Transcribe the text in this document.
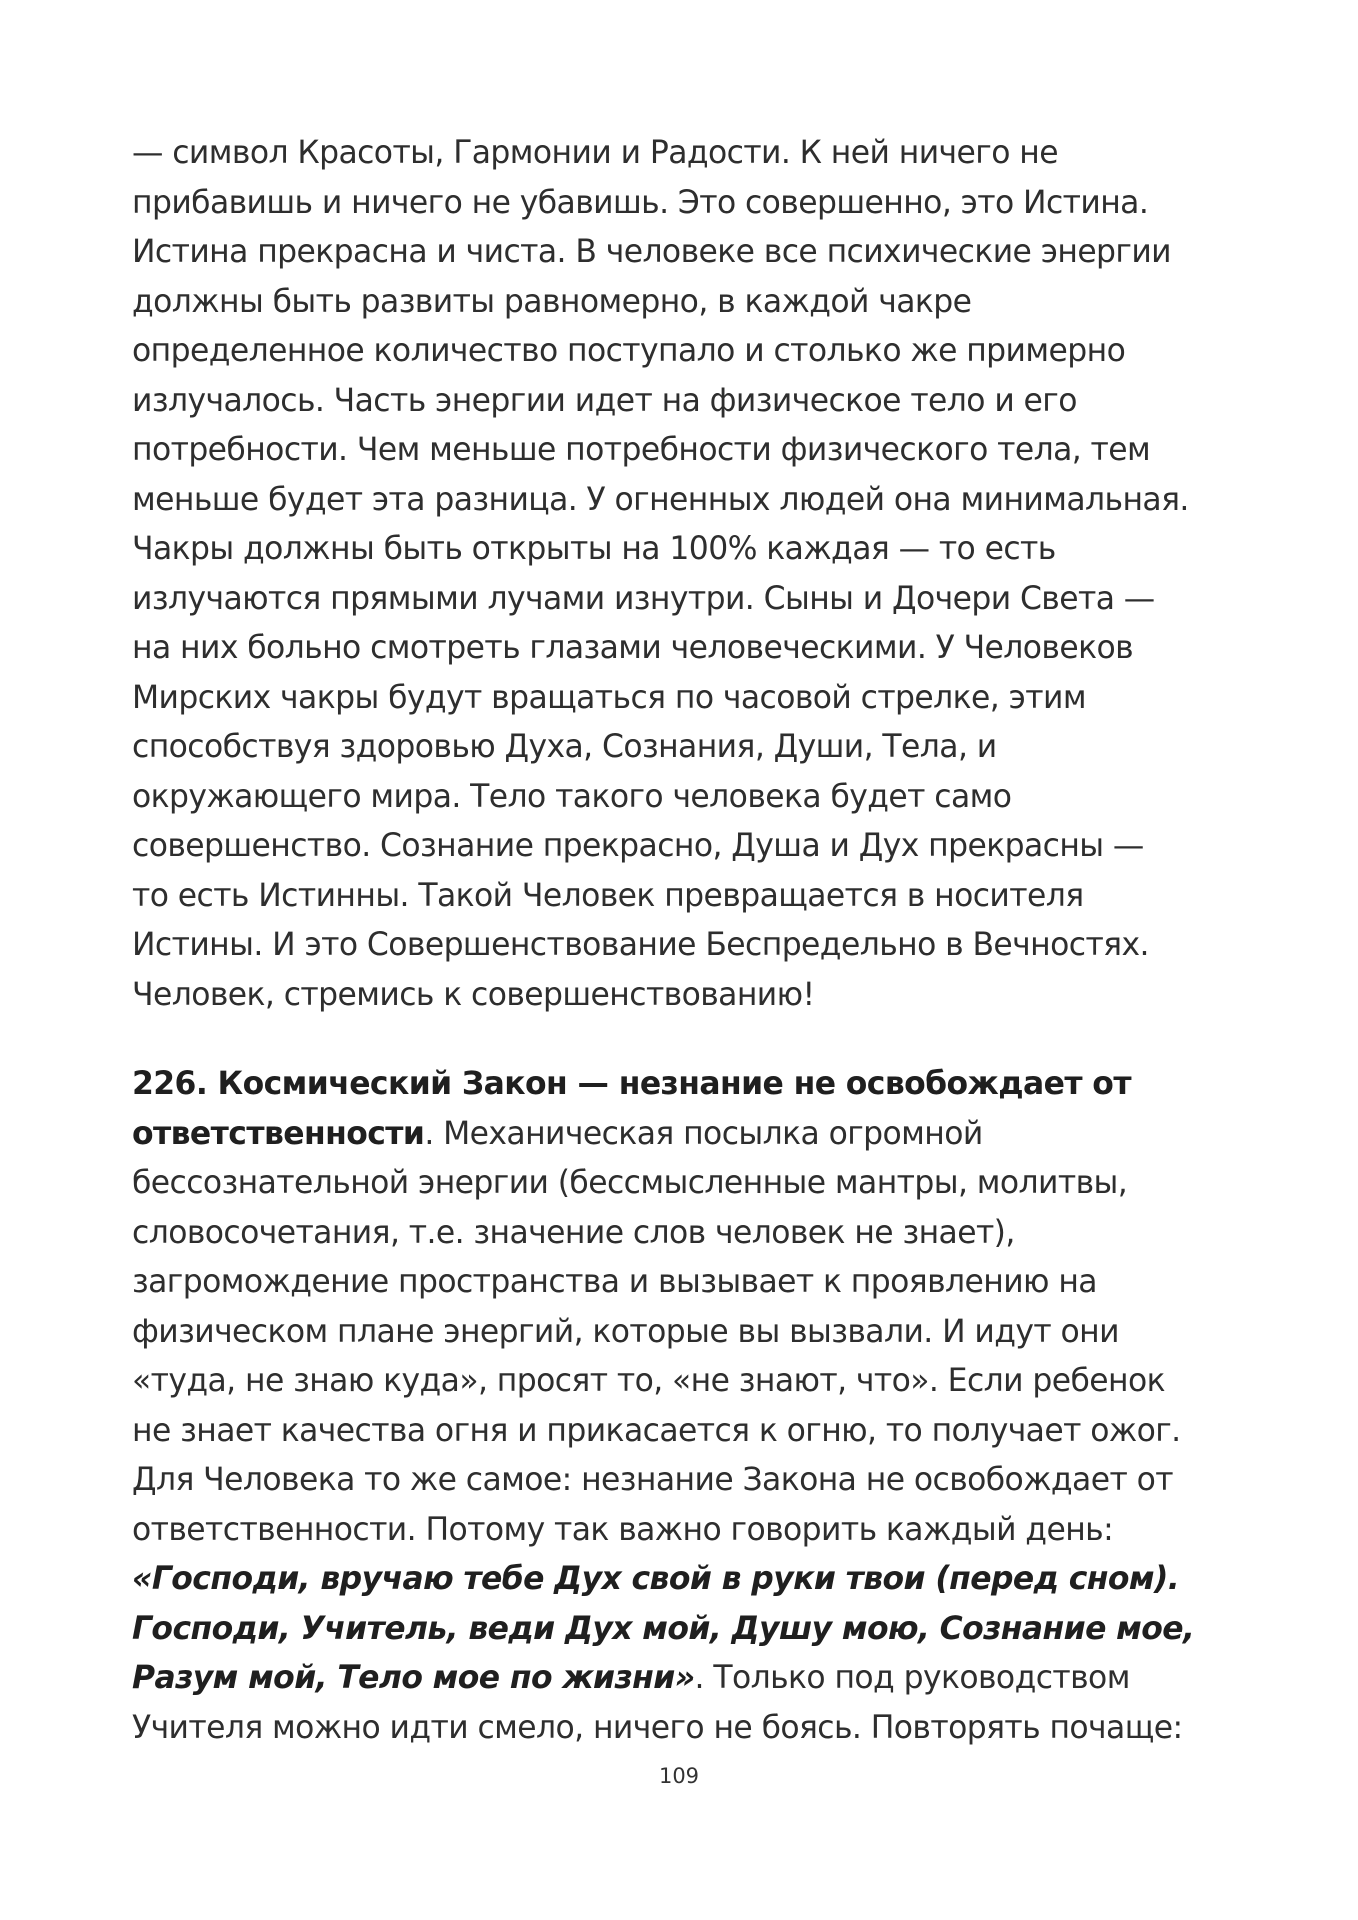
— символ Красоты, Гармонии и Радости. К ней ничего не
прибавишь и ничего не убавишь. Это совершенно, это Истина.
Истина прекрасна и чиста. В человеке все психические энергии
должны быть развиты равномерно, в каждой чакре
определенное количество поступало и столько же примерно
излучалось. Часть энергии идет на физическое тело и его
потребности. Чем меньше потребности физического тела, тем
меньше будет эта разница. У огненных людей она минимальная.
Чакры должны быть открыты на 100% каждая — то есть
излучаются прямыми лучами изнутри. Сыны и Дочери Света —
на них больно смотреть глазами человеческими. У Человеков
Мирских чакры будут вращаться по часовой стрелке, этим
способствуя здоровью Духа, Сознания, Души, Тела, и
окружающего мира. Тело такого человека будет само
совершенство. Сознание прекрасно, Душа и Дух прекрасны —
то есть Истинны. Такой Человек превращается в носителя
Истины. И это Совершенствование Беспредельно в Вечностях.
Человек, стремись к совершенствованию!

226. Космический Закон — незнание не освобождает от
ответственности. Механическая посылка огромной
бессознательной энергии (бессмысленные мантры, молитвы,
словосочетания, т.е. значение слов человек не знает),
загромождение пространства и вызывает к проявлению на
физическом плане энергий, которые вы вызвали. И идут они
«туда, не знаю куда», просят то, «не знают, что». Если ребенок
не знает качества огня и прикасается к огню, то получает ожог.
Для Человека то же самое: незнание Закона не освобождает от
ответственности. Потому так важно говорить каждый день:
«Господи, вручаю тебе Дух свой в руки твои (перед сном).
Господи, Учитель, веди Дух мой, Душу мою, Сознание мое,
Разум мой, Тело мое по жизни». Только под руководством
Учителя можно идти смело, ничего не боясь. Повторять почаще:

109
